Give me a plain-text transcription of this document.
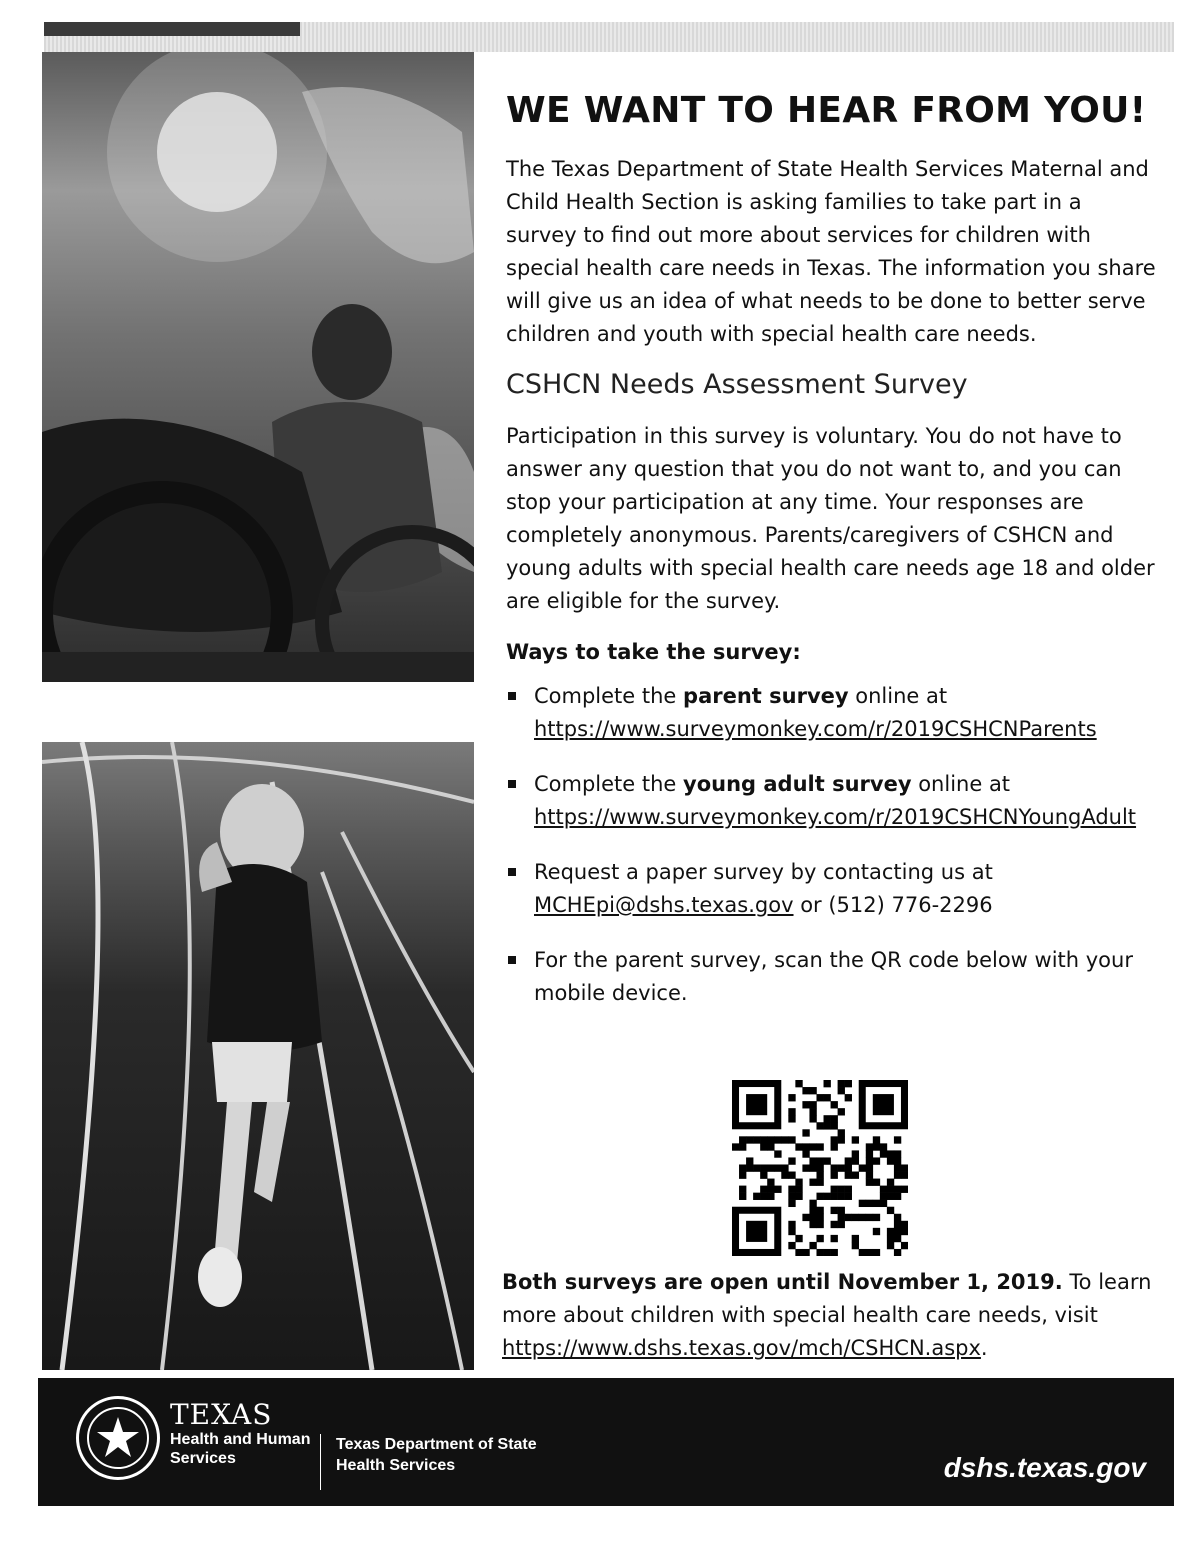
WE WANT TO HEAR FROM YOU!

The Texas Department of State Health Services Maternal and Child Health Section is asking families to take part in a survey to find out more about services for children with special health care needs in Texas. The information you share will give us an idea of what needs to be done to better serve children and youth with special health care needs.

CSHCN Needs Assessment Survey

Participation in this survey is voluntary. You do not have to answer any question that you do not want to, and you can stop your participation at any time. Your responses are completely anonymous. Parents/caregivers of CSHCN and young adults with special health care needs age 18 and older are eligible for the survey.

Ways to take the survey:
Complete the parent survey online at
https://www.surveymonkey.com/r/2019CSHCNParents
Complete the young adult survey online at
https://www.surveymonkey.com/r/2019CSHCNYoungAdult
Request a paper survey by contacting us at
MCHEpi@dshs.texas.gov or (512) 776-2296
For the parent survey, scan the QR code below with your mobile device.
Both surveys are open until November 1, 2019. To learn more about children with special health care needs, visit
https://www.dshs.texas.gov/mch/CSHCN.aspx.
TEXAS
Health and Human
Services
Texas Department of State
Health Services	dshs.texas.gov
